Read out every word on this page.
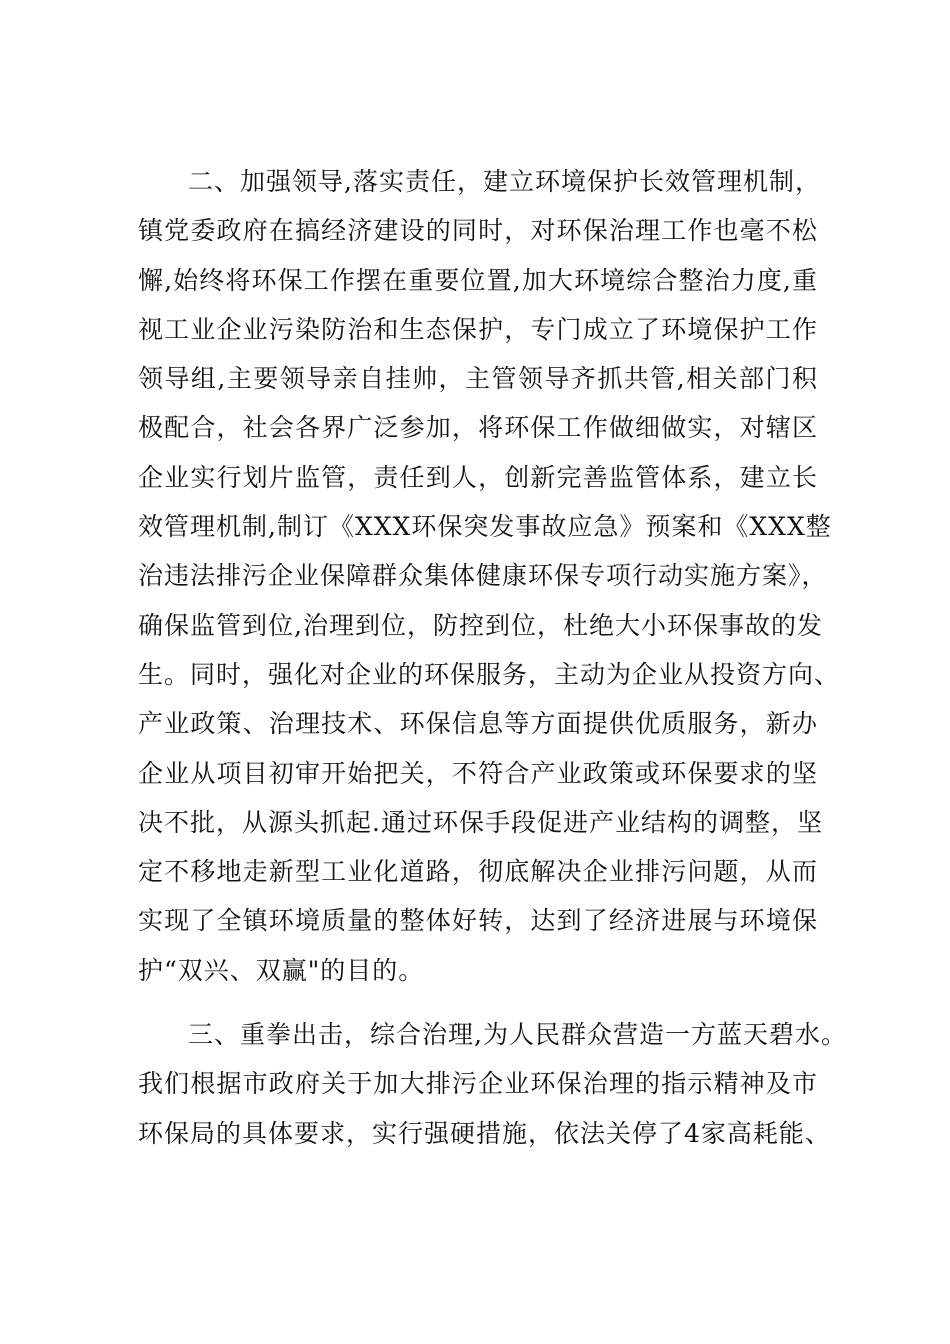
二、加强领导,落实责任，建立环境保护长效管理机制，
镇党委政府在搞经济建设的同时，对环保治理工作也毫不松
懈,始终将环保工作摆在重要位置,加大环境综合整治力度,重
视工业企业污染防治和生态保护，专门成立了环境保护工作
领导组,主要领导亲自挂帅，主管领导齐抓共管,相关部门积
极配合，社会各界广泛参加，将环保工作做细做实，对辖区
企业实行划片监管，责任到人，创新完善监管体系，建立长
效管理机制,制订《XXX环保突发事故应急》预案和《XXX整
治违法排污企业保障群众集体健康环保专项行动实施方案》，
确保监管到位,治理到位，防控到位，杜绝大小环保事故的发
生。同时，强化对企业的环保服务，主动为企业从投资方向、
产业政策、治理技术、环保信息等方面提供优质服务，新办
企业从项目初审开始把关，不符合产业政策或环保要求的坚
决不批，从源头抓起.通过环保手段促进产业结构的调整，坚
定不移地走新型工业化道路，彻底解决企业排污问题，从而
实现了全镇环境质量的整体好转，达到了经济进展与环境保
护“双兴、双赢"的目的。
三、重拳出击，综合治理,为人民群众营造一方蓝天碧水。
我们根据市政府关于加大排污企业环保治理的指示精神及市
环保局的具体要求，实行强硬措施，依法关停了4家高耗能、
